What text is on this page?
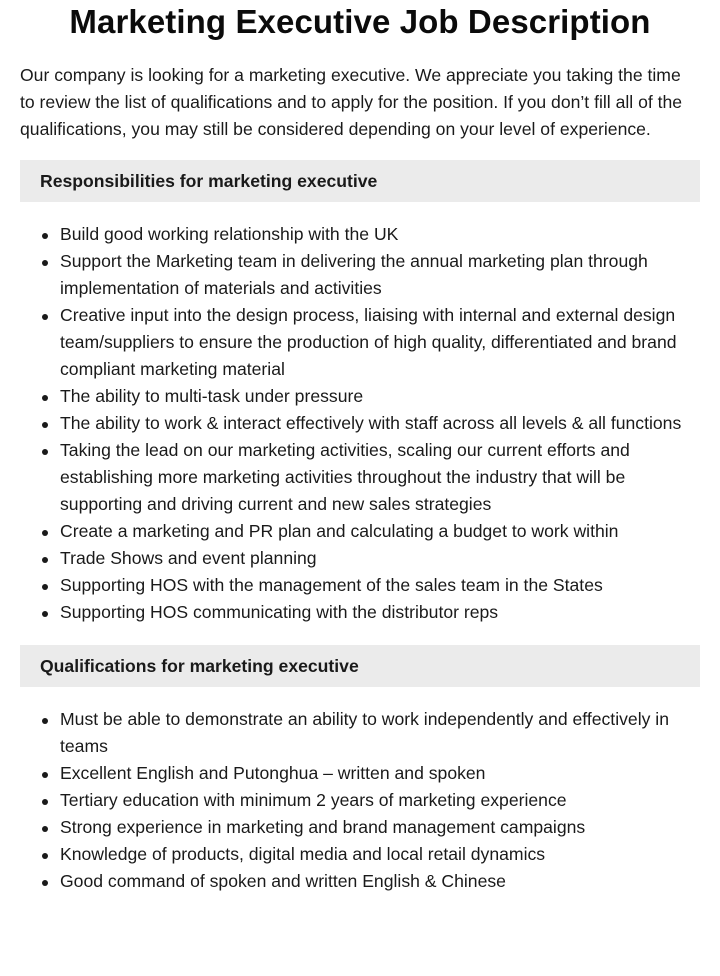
Marketing Executive Job Description

Our company is looking for a marketing executive. We appreciate you taking the time to review the list of qualifications and to apply for the position. If you don’t fill all of the qualifications, you may still be considered depending on your level of experience.

Responsibilities for marketing executive
Build good working relationship with the UK
Support the Marketing team in delivering the annual marketing plan through implementation of materials and activities
Creative input into the design process, liaising with internal and external design team/suppliers to ensure the production of high quality, differentiated and brand compliant marketing material
The ability to multi-task under pressure
The ability to work & interact effectively with staff across all levels & all functions
Taking the lead on our marketing activities, scaling our current efforts and establishing more marketing activities throughout the industry that will be supporting and driving current and new sales strategies
Create a marketing and PR plan and calculating a budget to work within
Trade Shows and event planning
Supporting HOS with the management of the sales team in the States
Supporting HOS communicating with the distributor reps
Qualifications for marketing executive
Must be able to demonstrate an ability to work independently and effectively in teams
Excellent English and Putonghua – written and spoken
Tertiary education with minimum 2 years of marketing experience
Strong experience in marketing and brand management campaigns
Knowledge of products, digital media and local retail dynamics
Good command of spoken and written English & Chinese
